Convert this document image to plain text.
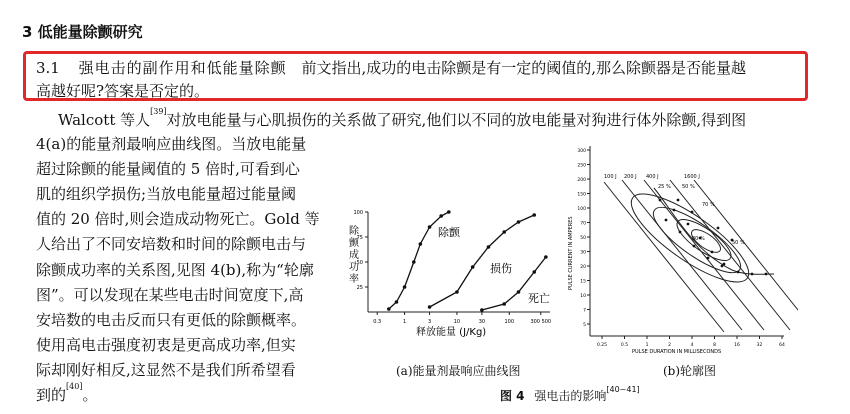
3 低能量除颤研究
3.1 强电击的副作用和低能量除颤 前文指出,成功的电击除颤是有一定的阈值的,那么除颤器是否能量越
高越好呢?答案是否定的。
Walcott 等人[39]对放电能量与心肌损伤的关系做了研究,他们以不同的放电能量对狗进行体外除颤,得到图
4(a)的能量剂最响应曲线图。当放电能量
超过除颤的能量阈值的 5 倍时,可看到心
肌的组织学损伤;当放电能量超过能量阈
值的 20 倍时,则会造成动物死亡。Gold 等
人给出了不同安培数和时间的除颤电击与
除颤成功率的关系图,见图 4(b),称为“轮廓
图”。可以发现在某些电击时间宽度下,高
安培数的电击反而只有更低的除颤概率。
使用高电击强度初衷是更高成功率,但实
际却刚好相反,这显然不是我们所希望看
到的[40]。
除
颤
成
功
率
100
75
50
25
0.3	1	3	10	30	100	300 500
除颤
损伤
死亡
释放能量 (J/Kg)
PULSE CURRENT IN AMPERES
PULSE DURATION IN MILLISECONDS
300
250
200
150
100
70
50
30
20
15
10
7
5
0.25	0.5	1	2	4	8	16	32	64
100 J 200 J 400 J	1600 J
25 % 50 %
70 %
80 %
50 %
(a)能量剂最响应曲线图	(b)轮廓图
图 4 强电击的影响[40~41]
